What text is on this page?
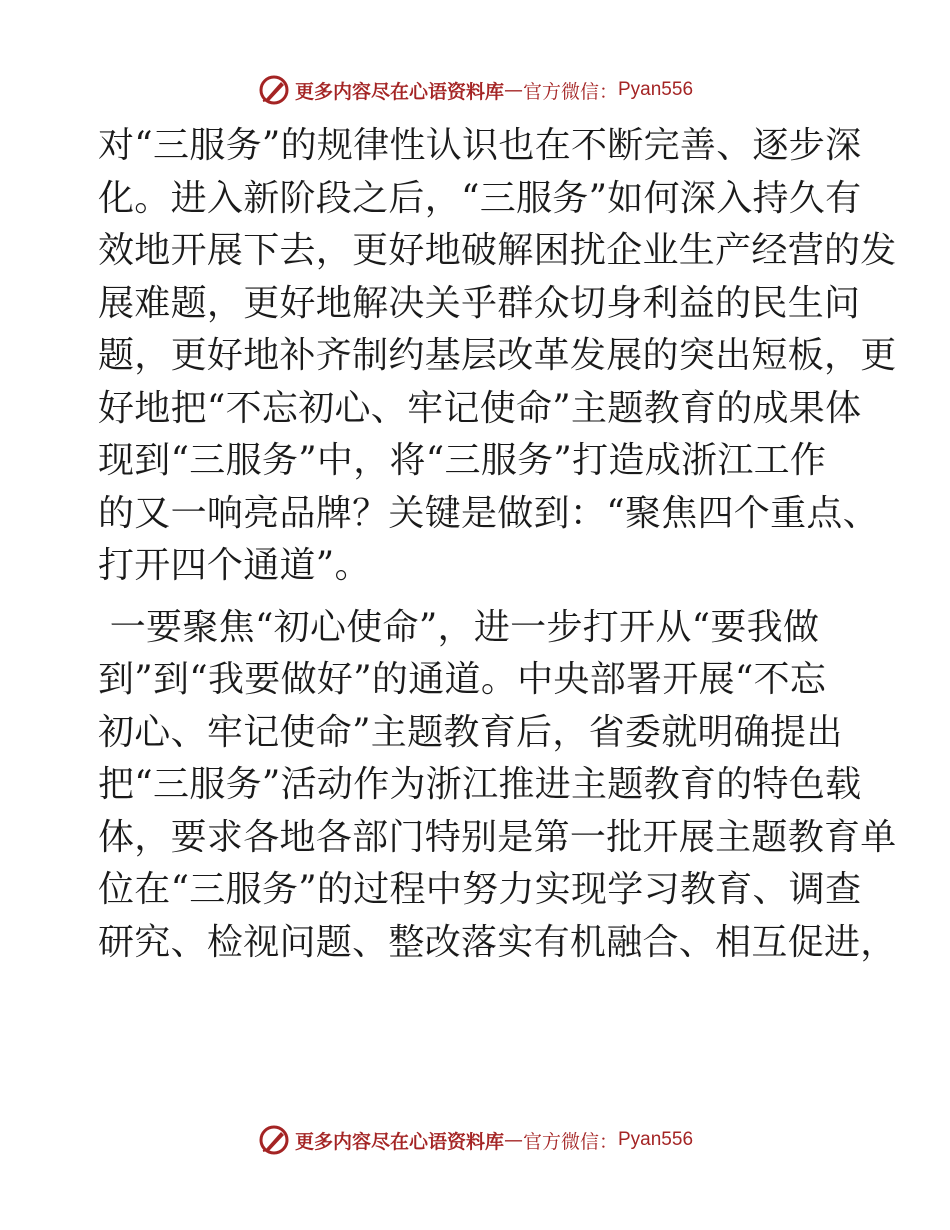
更多内容尽在心语资料库 — 官方微信： Pyan556

对“三服务”的规律性认识也在不断完善、逐步深
化。进入新阶段之后，“三服务”如何深入持久有
效地开展下去，更好地破解困扰企业生产经营的发
展难题，更好地解决关乎群众切身利益的民生问
题，更好地补齐制约基层改革发展的突出短板，更
好地把“不忘初心、牢记使命”主题教育的成果体
现到“三服务”中，将“三服务”打造成浙江工作
的又一响亮品牌？关键是做到：“聚焦四个重点、
打开四个通道”。

一要聚焦“初心使命”，进一步打开从“要我做
到”到“我要做好”的通道。中央部署开展“不忘
初心、牢记使命”主题教育后，省委就明确提出
把“三服务”活动作为浙江推进主题教育的特色载
体，要求各地各部门特别是第一批开展主题教育单
位在“三服务”的过程中努力实现学习教育、调查
研究、检视问题、整改落实有机融合、相互促进，

更多内容尽在心语资料库 — 官方微信： Pyan556
